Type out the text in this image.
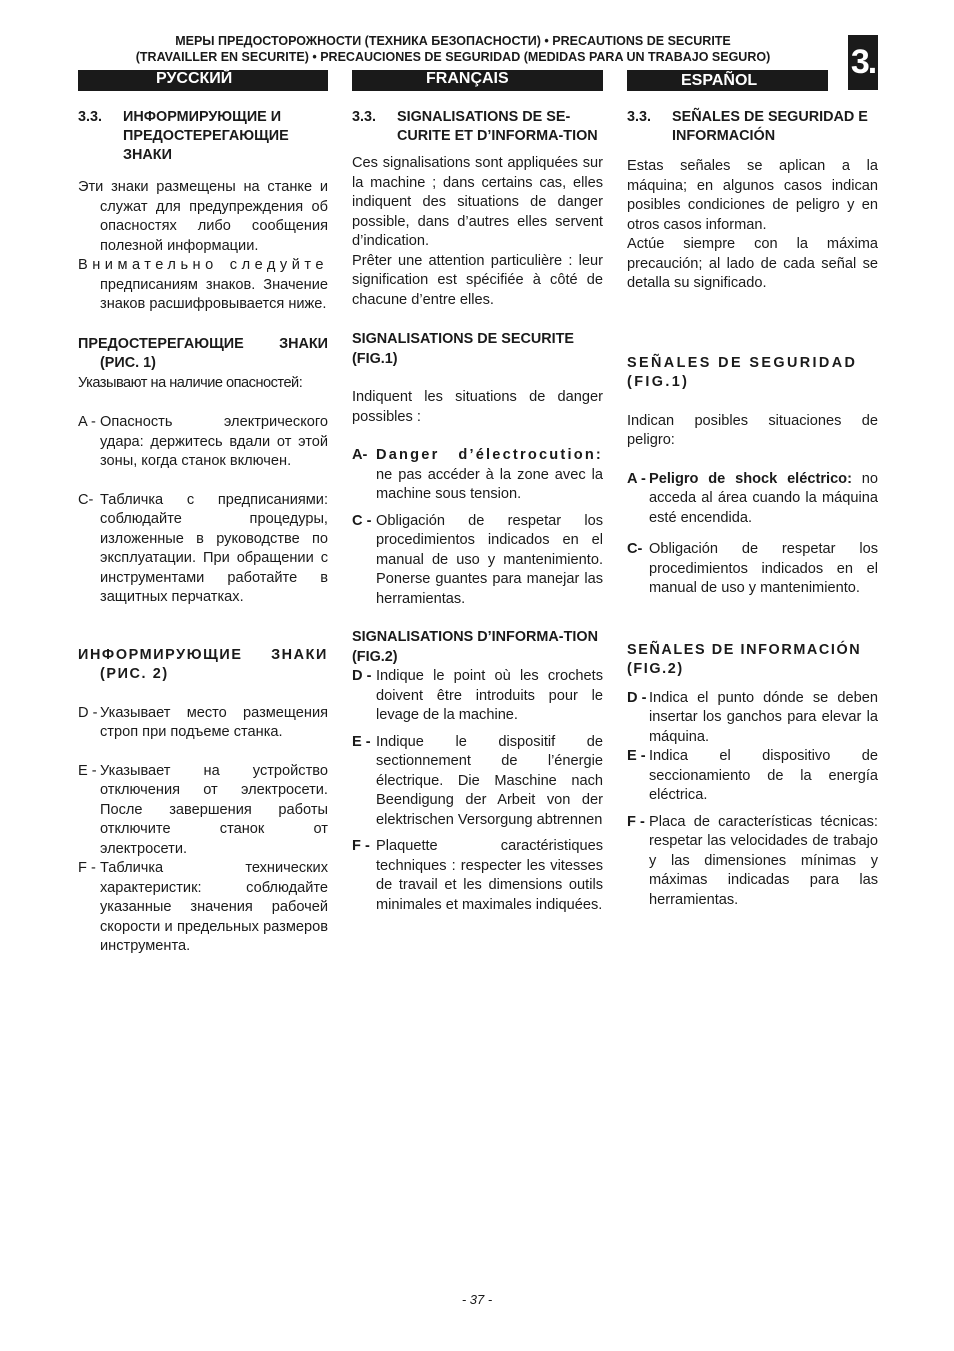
МЕРЫ ПРЕДОСТОРОЖНОСТИ (ТЕХНИКА БЕЗОПАСНОСТИ) • PRECAUTIONS DE SECURITE
(TRAVAILLER EN SECURITE) • PRECAUCIONES DE SEGURIDAD (MEDIDAS PARA UN TRABAJO SEGURO)	3.
РУССКИЙ	FRANÇAIS	ESPAÑOL
3.3.	ИНФОРМИРУЮЩИЕ И ПРЕДОСТЕРЕГАЮЩИЕ ЗНАКИ

Эти знаки размещены на станке и служат для предупреждения об опасностях либо сообщения полезной информации.

Внимательно следуйте предписаниям знаков. Значение знаков расшифровывается ниже.

ПРЕДОСТЕРЕГАЮЩИЕ ЗНАКИ (РИС. 1)

Указывают на наличие опасностей:

A - Опасность электрического удара: держитесь вдали от этой зоны, когда станок включен.
C- Табличка с предписаниями: соблюдайте процедуры, изложенные в руководстве по эксплуатации. При обращении с инструментами работайте в защитных перчатках.

ИНФОРМИРУЮЩИЕ ЗНАКИ (РИС. 2)

D - Указывает место размещения строп при подъеме станка.
E - Указывает на устройство отключения от электросети. После завершения работы отключите станок от электросети.
F - Табличка технических характеристик: соблюдайте указанные значения рабочей скорости и предельных размеров инструмента.
3.3.	SIGNALISATIONS DE SE-CURITE ET D’INFORMA-TION

Ces signalisations sont appliquées sur la machine ; dans certains cas, elles indiquent des situations de danger possible, dans d’autres elles servent d’indication.

Prêter une attention particulière : leur signification est spécifiée à côté de chacune d’entre elles.

SIGNALISATIONS DE SECURITE (FIG.1)

Indiquent les situations de danger possibles :

A- Danger d’électrocution: ne pas accéder à la zone avec la machine sous tension.
C - Obligación de respetar los procedimientos indicados en el manual de uso y mantenimiento. Ponerse guantes para manejar las herramientas.

SIGNALISATIONS D’INFORMA-TION (FIG.2)

D - Indique le point où les crochets doivent être introduits pour le levage de la machine.
E - Indique le dispositif de sectionnement de l’énergie électrique. Die Maschine nach Beendigung der Arbeit von der elektrischen Versorgung abtrennen
F - Plaquette caractéristiques techniques : respecter les vitesses de travail et les dimensions outils minimales et maximales indiquées.
3.3.	SEÑALES DE SEGURIDAD E INFORMACIÓN

Estas señales se aplican a la máquina; en algunos casos indican posibles condiciones de peligro y en otros casos informan.

Actúe siempre con la máxima precaución; al lado de cada señal se detalla su significado.

SEÑALES DE SEGURIDAD (FIG.1)

Indican posibles situaciones de peligro:

A - Peligro de shock eléctrico: no acceda al área cuando la máquina esté encendida.
C- Obligación de respetar los procedimientos indicados en el manual de uso y mantenimiento.

SEÑALES DE INFORMACIÓN (FIG.2)

D - Indica el punto dónde se deben insertar los ganchos para elevar la máquina.
E - Indica el dispositivo de seccionamiento de la energía eléctrica.
F - Placa de características técnicas: respetar las velocidades de trabajo y las dimensiones mínimas y máximas indicadas para las herramientas.
- 37 -
